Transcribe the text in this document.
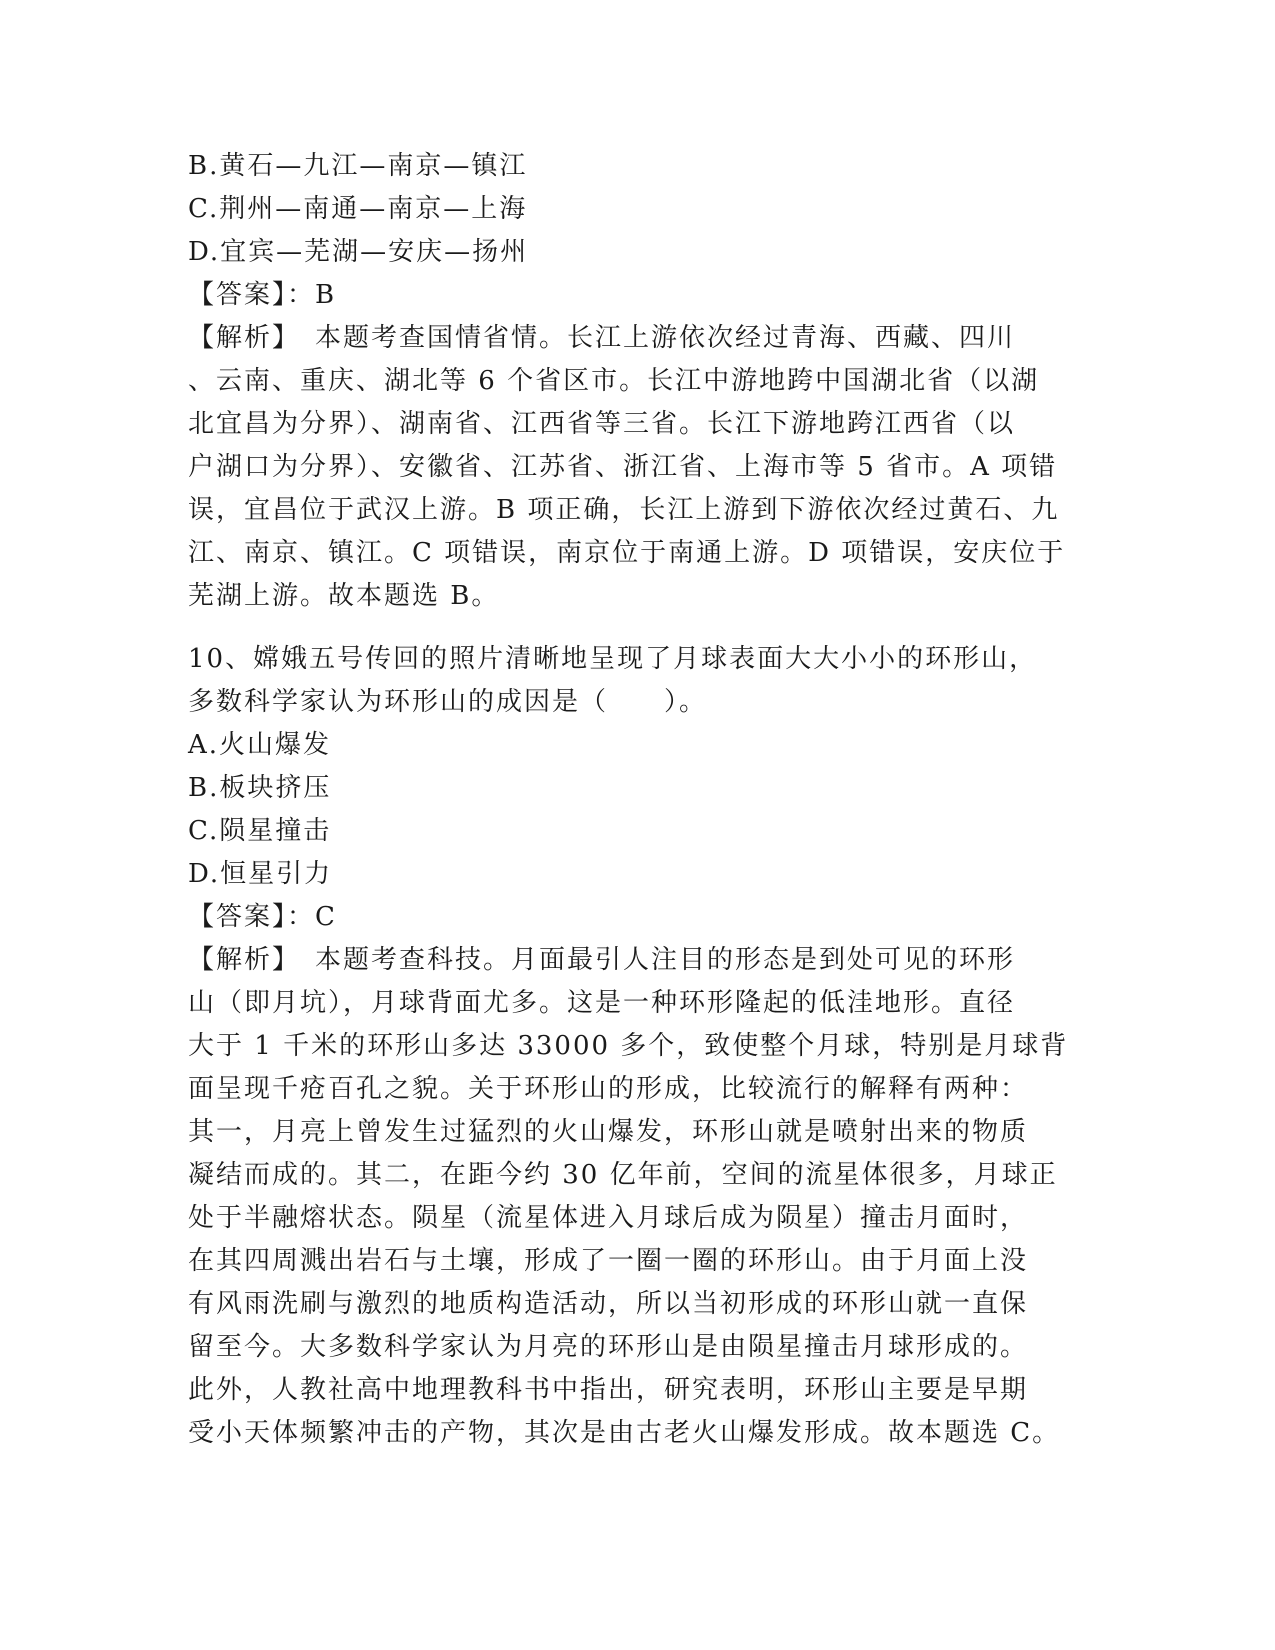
B.黄石—九江—南京—镇江
C.荆州—南通—南京—上海
D.宜宾—芜湖—安庆—扬州
【答案】：B
【解析】　本题考查国情省情。长江上游依次经过青海、西藏、四川
、云南、重庆、湖北等 6 个省区市。长江中游地跨中国湖北省（以湖
北宜昌为分界）、湖南省、江西省等三省。长江下游地跨江西省（以
户湖口为分界）、安徽省、江苏省、浙江省、上海市等 5 省市。A 项错
误，宜昌位于武汉上游。B 项正确，长江上游到下游依次经过黄石、九
江、南京、镇江。C 项错误，南京位于南通上游。D 项错误，安庆位于
芜湖上游。故本题选 B。
10、嫦娥五号传回的照片清晰地呈现了月球表面大大小小的环形山，
多数科学家认为环形山的成因是（　　）。
A.火山爆发
B.板块挤压
C.陨星撞击
D.恒星引力
【答案】：C
【解析】　本题考查科技。月面最引人注目的形态是到处可见的环形
山（即月坑），月球背面尤多。这是一种环形隆起的低洼地形。直径
大于 1 千米的环形山多达 33000 多个，致使整个月球，特别是月球背
面呈现千疮百孔之貌。关于环形山的形成，比较流行的解释有两种：
其一，月亮上曾发生过猛烈的火山爆发，环形山就是喷射出来的物质
凝结而成的。其二，在距今约 30 亿年前，空间的流星体很多，月球正
处于半融熔状态。陨星（流星体进入月球后成为陨星）撞击月面时，
在其四周溅出岩石与土壤，形成了一圈一圈的环形山。由于月面上没
有风雨洗刷与激烈的地质构造活动，所以当初形成的环形山就一直保
留至今。大多数科学家认为月亮的环形山是由陨星撞击月球形成的。
此外，人教社高中地理教科书中指出，研究表明，环形山主要是早期
受小天体频繁冲击的产物，其次是由古老火山爆发形成。故本题选 C。
